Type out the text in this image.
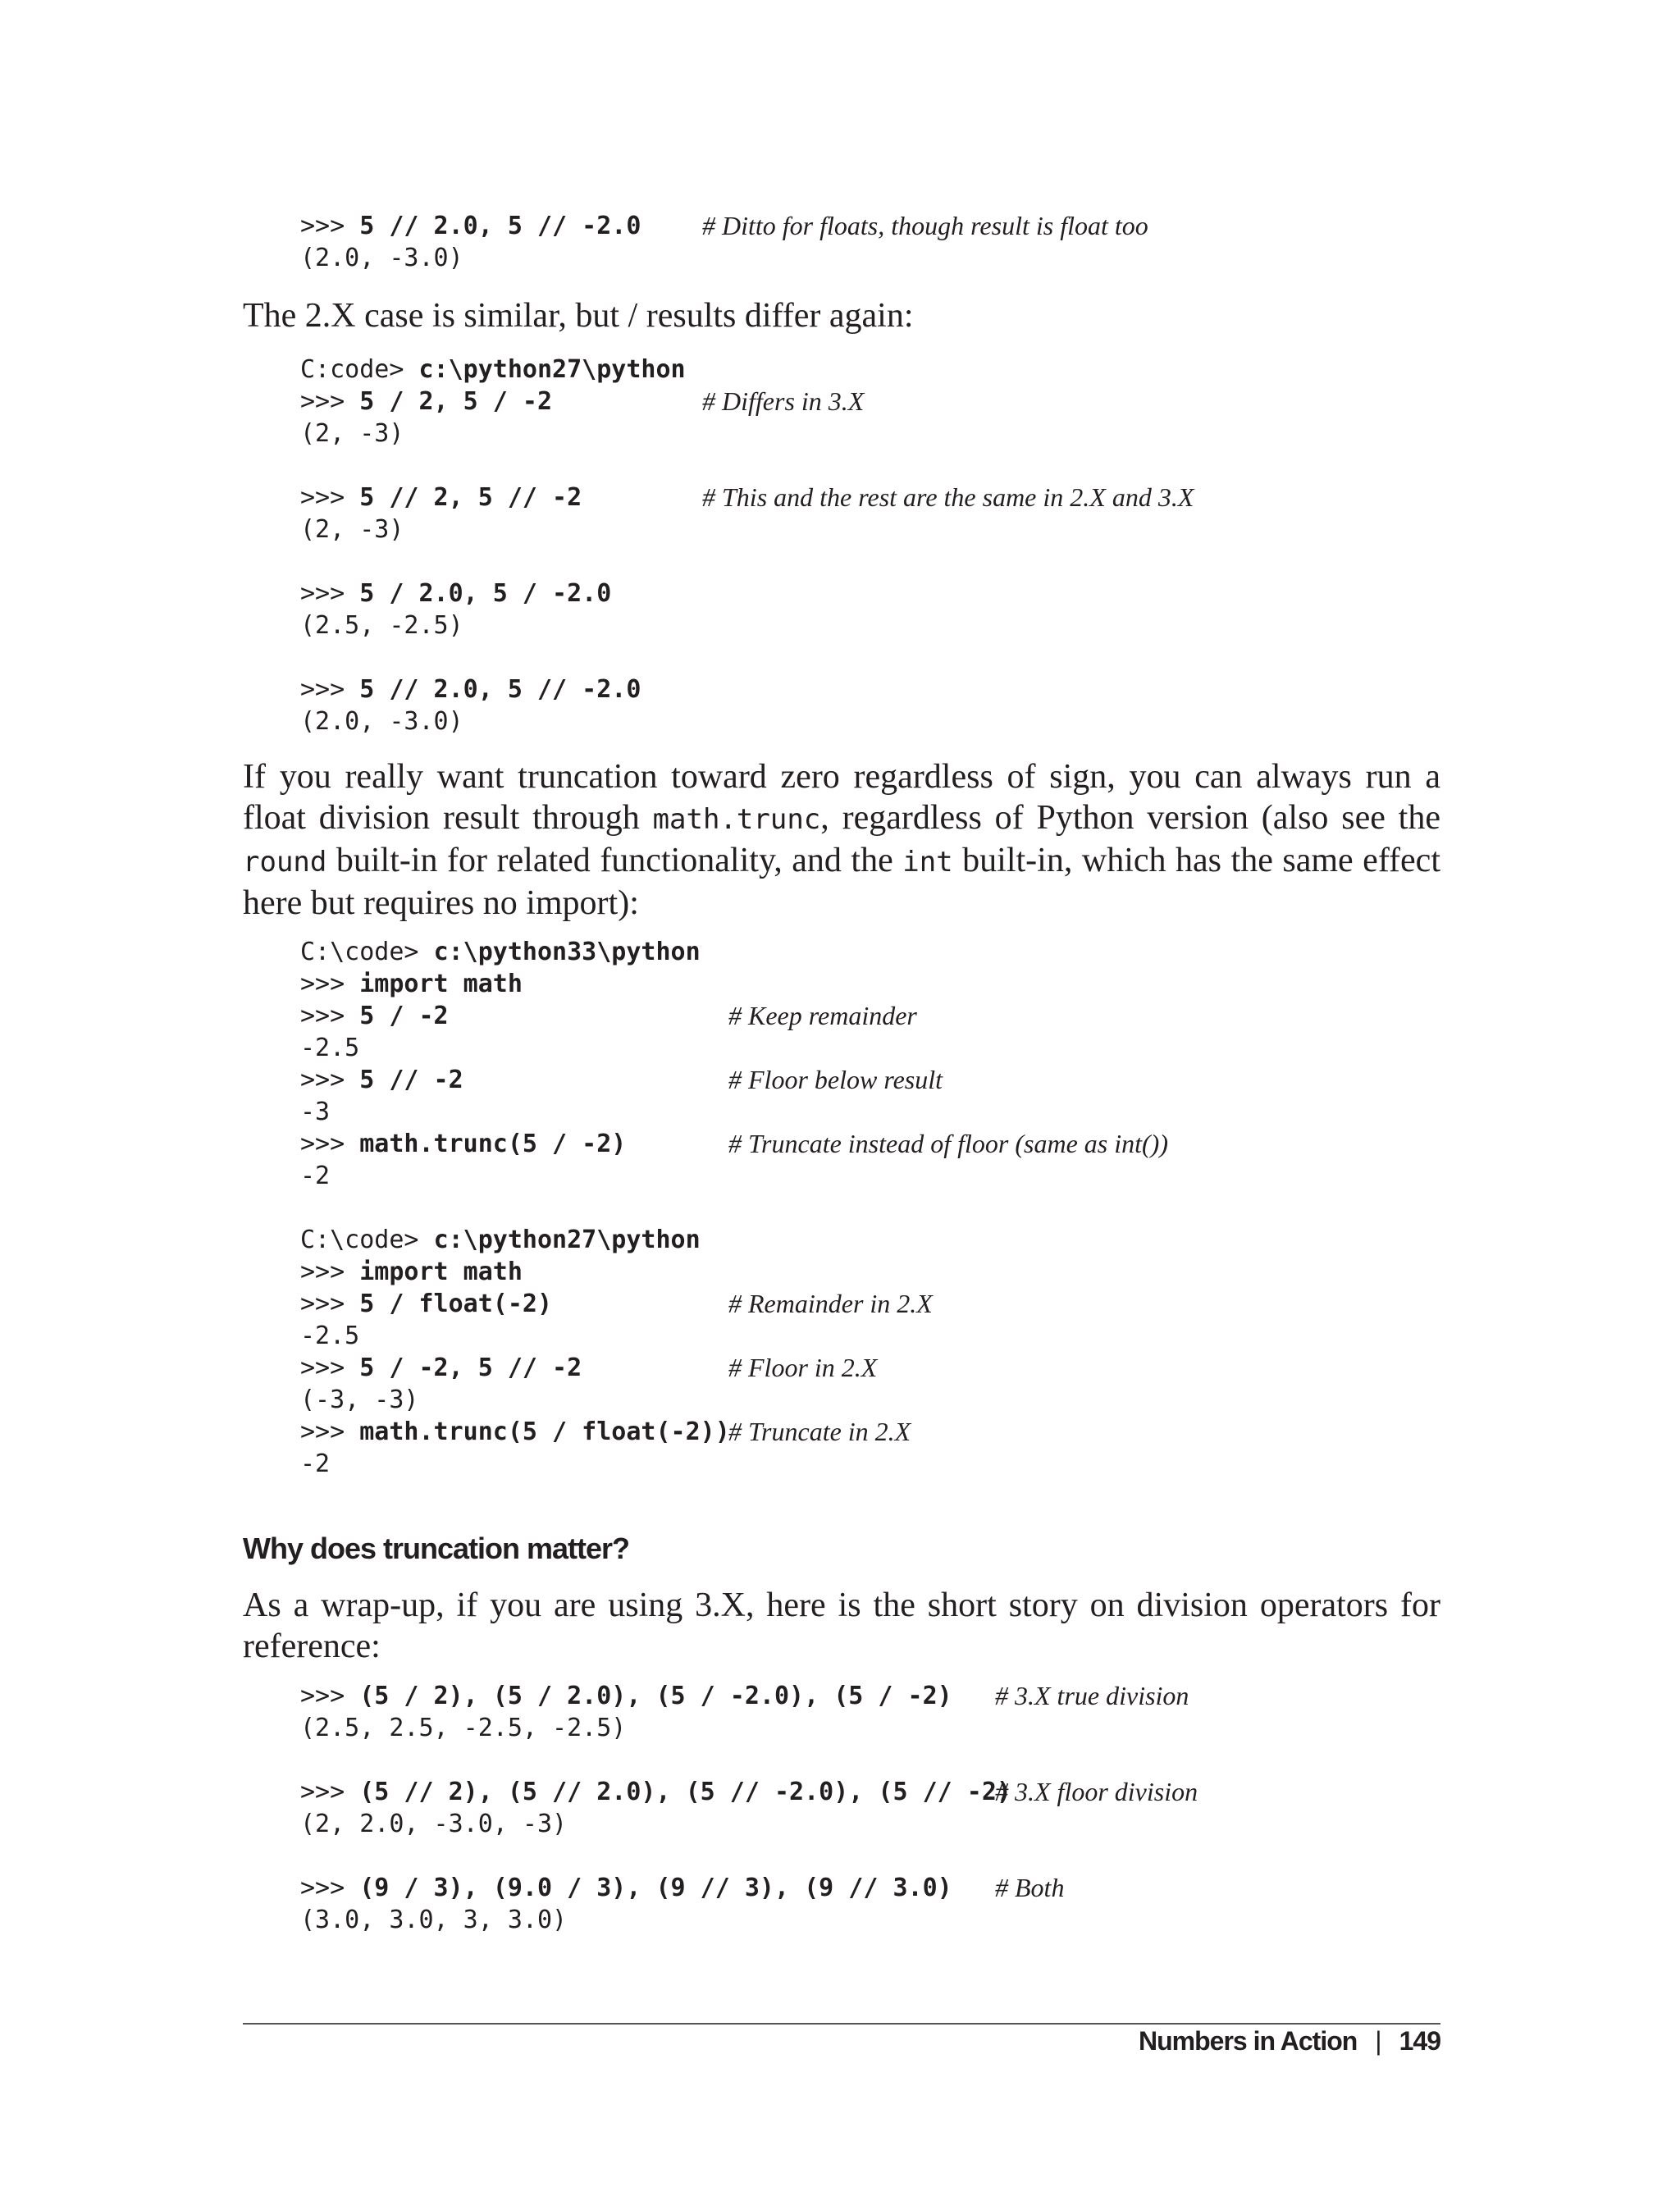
>>> 5 // 2.0, 5 // -2.0 # Ditto for floats, though result is float too
(2.0, -3.0)
The 2.X case is similar, but / results differ again:
C:code> c:\python27\python
>>> 5 / 2, 5 / -2	# Differs in 3.X
(2, -3)
>>> 5 // 2, 5 // -2	# This and the rest are the same in 2.X and 3.X
(2, -3)
>>> 5 / 2.0, 5 / -2.0
(2.5, -2.5)
>>> 5 // 2.0, 5 // -2.0
(2.0, -3.0)
If you really want truncation toward zero regardless of sign, you can always run a float division result through math.trunc, regardless of Python version (also see the round built-in for related functionality, and the int built-in, which has the same effect here but requires no import):
C:\code> c:\python33\python
>>> import math
>>> 5 / -2	# Keep remainder
-2.5
>>> 5 // -2	# Floor below result
-3
>>> math.trunc(5 / -2)	# Truncate instead of floor (same as int())
-2
C:\code> c:\python27\python
>>> import math
>>> 5 / float(-2)	# Remainder in 2.X
-2.5
>>> 5 / -2, 5 // -2	# Floor in 2.X
(-3, -3)
>>> math.trunc(5 / float(-2))
# Truncate in 2.X
-2
Why does truncation matter?
As a wrap-up, if you are using 3.X, here is the short story on division operators for reference:
>>> (5 / 2), (5 / 2.0), (5 / -2.0), (5 / -2) # 3.X true division
(2.5, 2.5, -2.5, -2.5)
>>> (5 // 2), (5 // 2.0), (5 // -2.0), (5 // -2)
# 3.X floor division
(2, 2.0, -3.0, -3)
>>> (9 / 3), (9.0 / 3), (9 // 3), (9 // 3.0) # Both
(3.0, 3.0, 3, 3.0)
Numbers in Action | 149
